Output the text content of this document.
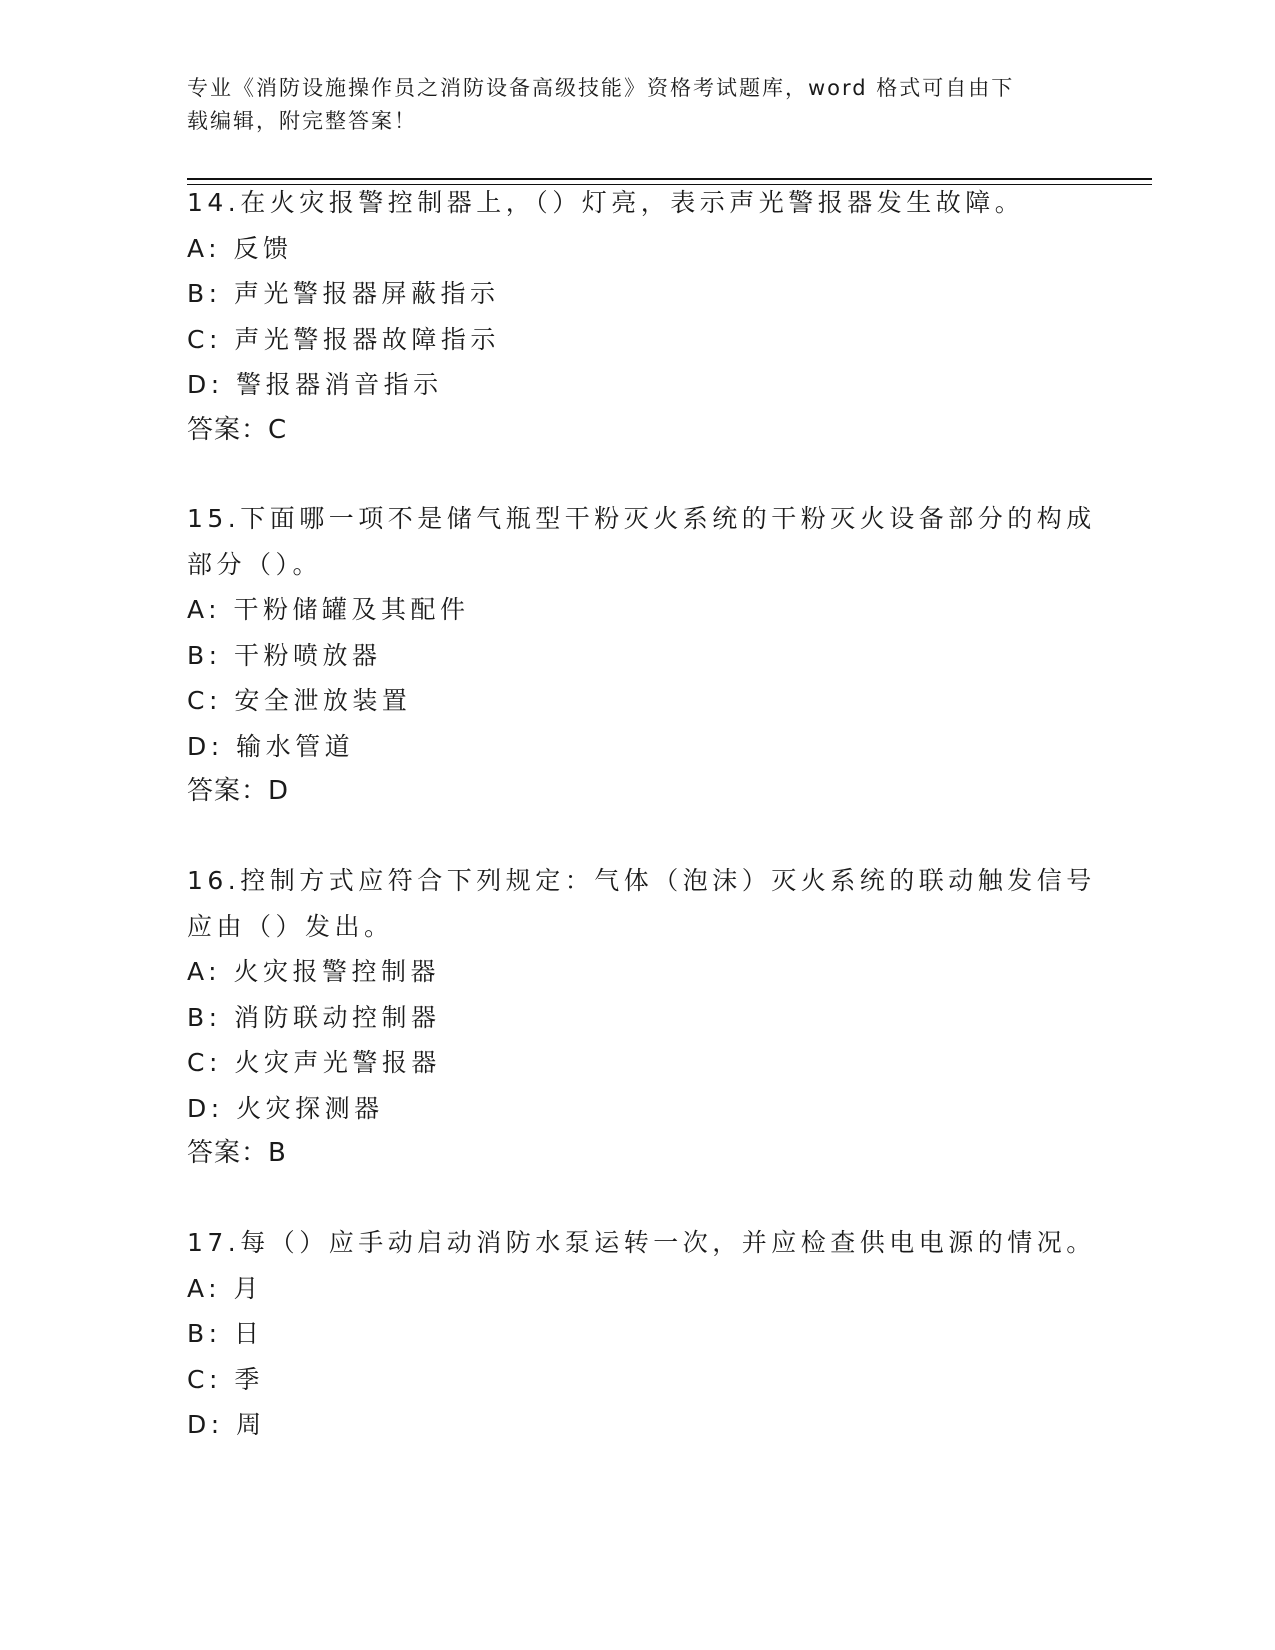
专业《消防设施操作员之消防设备高级技能》资格考试题库，word 格式可自由下
载编辑，附完整答案！
14.在火灾报警控制器上，（）灯亮，表示声光警报器发生故障。
A: 反馈
B: 声光警报器屏蔽指示
C: 声光警报器故障指示
D: 警报器消音指示
答案：C
15.下面哪一项不是储气瓶型干粉灭火系统的干粉灭火设备部分的构成
部分（）。
A: 干粉储罐及其配件
B: 干粉喷放器
C: 安全泄放装置
D: 输水管道
答案：D
16.控制方式应符合下列规定：气体（泡沫）灭火系统的联动触发信号
应由（）发出。
A: 火灾报警控制器
B: 消防联动控制器
C: 火灾声光警报器
D: 火灾探测器
答案：B
17.每（）应手动启动消防水泵运转一次，并应检查供电电源的情况。
A: 月
B: 日
C: 季
D: 周
